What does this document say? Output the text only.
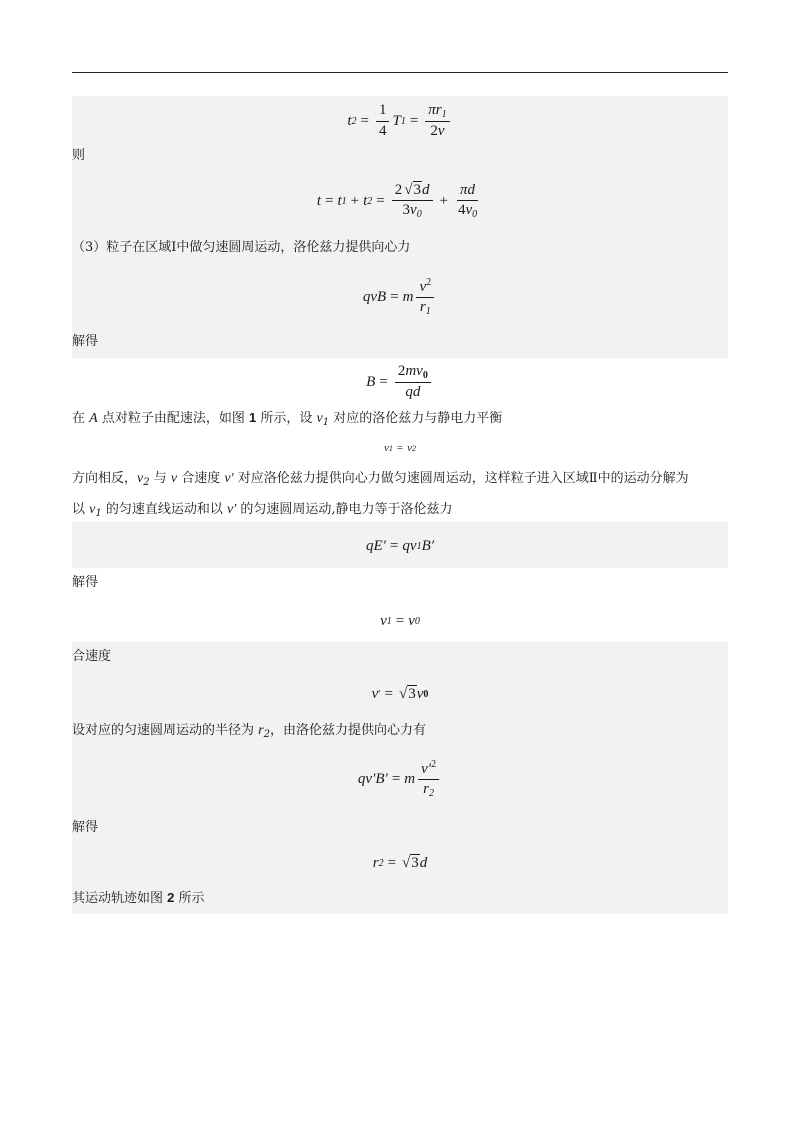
t $2 = \frac{1}{4}$ T $1 = \frac{\pi r_1}{2v}$
则
t = t 1 + t $2 = \frac{2 √3d}{3v_0} + \frac{\pi d}{4v_0}$
（3）粒子在区域Ⅰ中做匀速圆周运动，洛伦兹力提供向心力
qvB = m $\frac{v^2}{r_1}$
解得
$B = \frac{2mv_0}{qd}$
在 A 点对粒子由配速法，如图 1 所示，设 $v_1$ 对应的洛伦兹力与静电力平衡
v 1 = v 2
方向相反，$v_2$ 与 v 合速度 v′ 对应洛伦兹力提供向心力做匀速圆周运动，这样粒子进入区域Ⅱ中的运动分解为
以 $v_1$ 的匀速直线运动和以 v′ 的匀速圆周运动,静电力等于洛伦兹力
qE′ = qv 1 B′
解得
v 1 = v 0
合速度
v ′ = √ 3 v 0
设对应的匀速圆周运动的半径为 $r_2$，由洛伦兹力提供向心力有
qv′B′ = m $\frac{v'^2}{r_2}$
解得
r 2 = √ 3 d
其运动轨迹如图 2 所示
